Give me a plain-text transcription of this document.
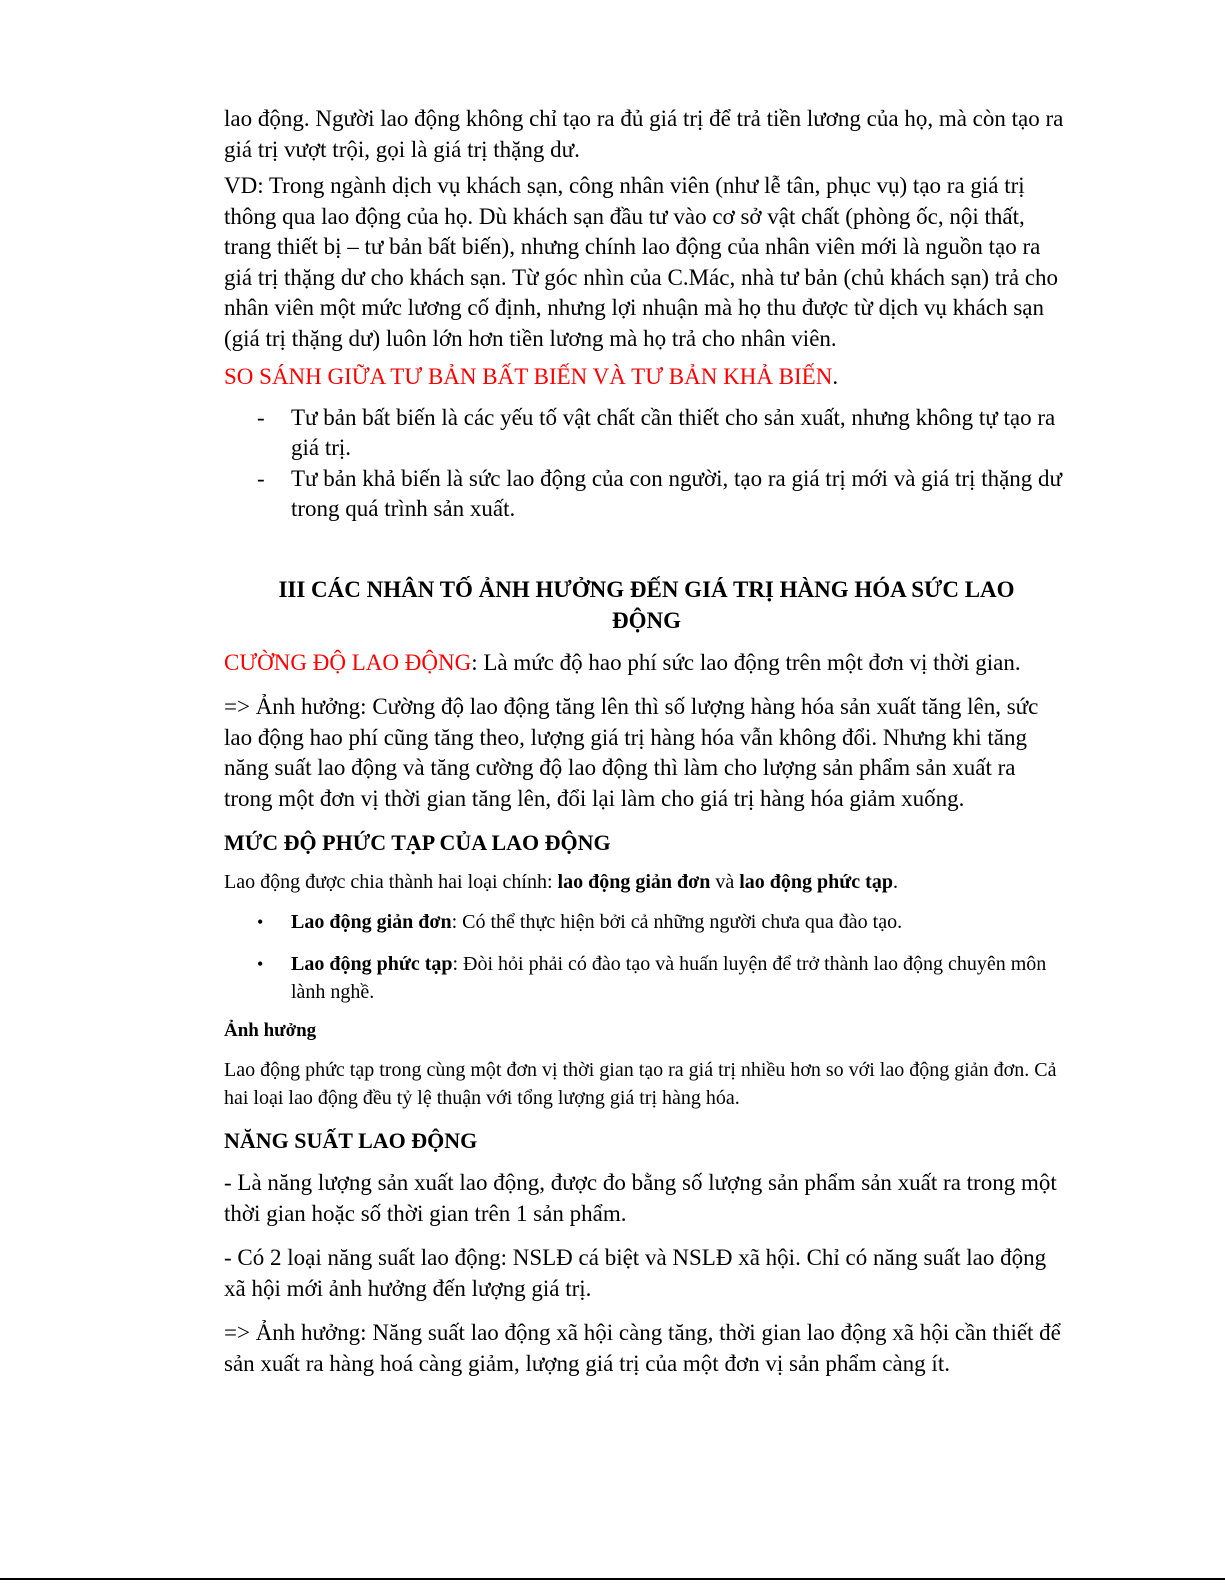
lao động. Người lao động không chỉ tạo ra đủ giá trị để trả tiền lương của họ, mà còn tạo ra giá trị vượt trội, gọi là giá trị thặng dư.

VD: Trong ngành dịch vụ khách sạn, công nhân viên (như lễ tân, phục vụ) tạo ra giá trị thông qua lao động của họ. Dù khách sạn đầu tư vào cơ sở vật chất (phòng ốc, nội thất, trang thiết bị – tư bản bất biến), nhưng chính lao động của nhân viên mới là nguồn tạo ra giá trị thặng dư cho khách sạn. Từ góc nhìn của C.Mác, nhà tư bản (chủ khách sạn) trả cho nhân viên một mức lương cố định, nhưng lợi nhuận mà họ thu được từ dịch vụ khách sạn (giá trị thặng dư) luôn lớn hơn tiền lương mà họ trả cho nhân viên.

SO SÁNH GIỮA TƯ BẢN BẤT BIẾN VÀ TƯ BẢN KHẢ BIẾN.

- Tư bản bất biến là các yếu tố vật chất cần thiết cho sản xuất, nhưng không tự tạo ra giá trị.
- Tư bản khả biến là sức lao động của con người, tạo ra giá trị mới và giá trị thặng dư trong quá trình sản xuất.
III CÁC NHÂN TỐ ẢNH HƯỞNG ĐẾN GIÁ TRỊ HÀNG HÓA SỨC LAO
ĐỘNG

CƯỜNG ĐỘ LAO ĐỘNG: Là mức độ hao phí sức lao động trên một đơn vị thời gian.

=> Ảnh hưởng: Cường độ lao động tăng lên thì số lượng hàng hóa sản xuất tăng lên, sức lao động hao phí cũng tăng theo, lượng giá trị hàng hóa vẫn không đổi. Nhưng khi tăng năng suất lao động và tăng cường độ lao động thì làm cho lượng sản phẩm sản xuất ra trong một đơn vị thời gian tăng lên, đổi lại làm cho giá trị hàng hóa giảm xuống.

MỨC ĐỘ PHỨC TẠP CỦA LAO ĐỘNG

Lao động được chia thành hai loại chính: lao động giản đơn và lao động phức tạp.

• Lao động giản đơn: Có thể thực hiện bởi cả những người chưa qua đào tạo.
• Lao động phức tạp: Đòi hỏi phải có đào tạo và huấn luyện để trở thành lao động chuyên môn lành nghề.

Ảnh hưởng

Lao động phức tạp trong cùng một đơn vị thời gian tạo ra giá trị nhiều hơn so với lao động giản đơn. Cả hai loại lao động đều tỷ lệ thuận với tổng lượng giá trị hàng hóa.

NĂNG SUẤT LAO ĐỘNG

- Là năng lượng sản xuất lao động, được đo bằng số lượng sản phẩm sản xuất ra trong một thời gian hoặc số thời gian trên 1 sản phẩm.

- Có 2 loại năng suất lao động: NSLĐ cá biệt và NSLĐ xã hội. Chỉ có năng suất lao động xã hội mới ảnh hưởng đến lượng giá trị.

=> Ảnh hưởng: Năng suất lao động xã hội càng tăng, thời gian lao động xã hội cần thiết để sản xuất ra hàng hoá càng giảm, lượng giá trị của một đơn vị sản phẩm càng ít.
